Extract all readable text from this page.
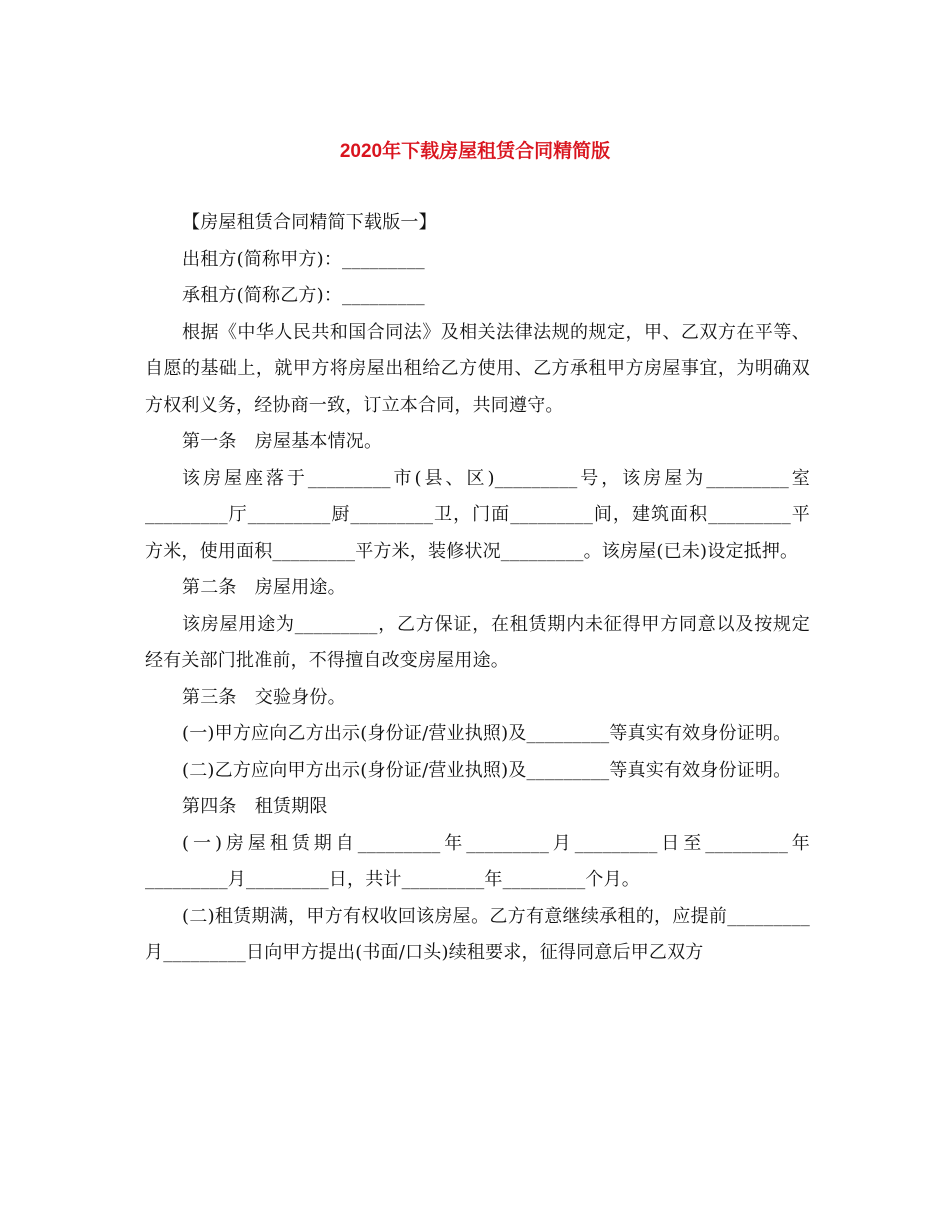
2020年下载房屋租赁合同精简版

【房屋租赁合同精简下载版一】

出租方(简称甲方)：_________

承租方(简称乙方)：_________

根据《中华人民共和国合同法》及相关法律法规的规定，甲、乙双方在平等、自愿的基础上，就甲方将房屋出租给乙方使用、乙方承租甲方房屋事宜，为明确双方权利义务，经协商一致，订立本合同，共同遵守。

第一条　房屋基本情况。

该房屋座落于_________市(县、区)_________号，该房屋为_________室_________厅_________厨_________卫，门面_________间，建筑面积_________平方米，使用面积_________平方米，装修状况_________。该房屋(已未)设定抵押。

第二条　房屋用途。

该房屋用途为_________，乙方保证，在租赁期内未征得甲方同意以及按规定经有关部门批准前，不得擅自改变房屋用途。

第三条　交验身份。

(一)甲方应向乙方出示(身份证/营业执照)及_________等真实有效身份证明。

(二)乙方应向甲方出示(身份证/营业执照)及_________等真实有效身份证明。

第四条　租赁期限

(一)房屋租赁期自_________年_________月_________日至_________年_________月_________日，共计_________年_________个月。

(二)租赁期满，甲方有权收回该房屋。乙方有意继续承租的，应提前_________月_________日向甲方提出(书面/口头)续租要求，征得同意后甲乙双方
